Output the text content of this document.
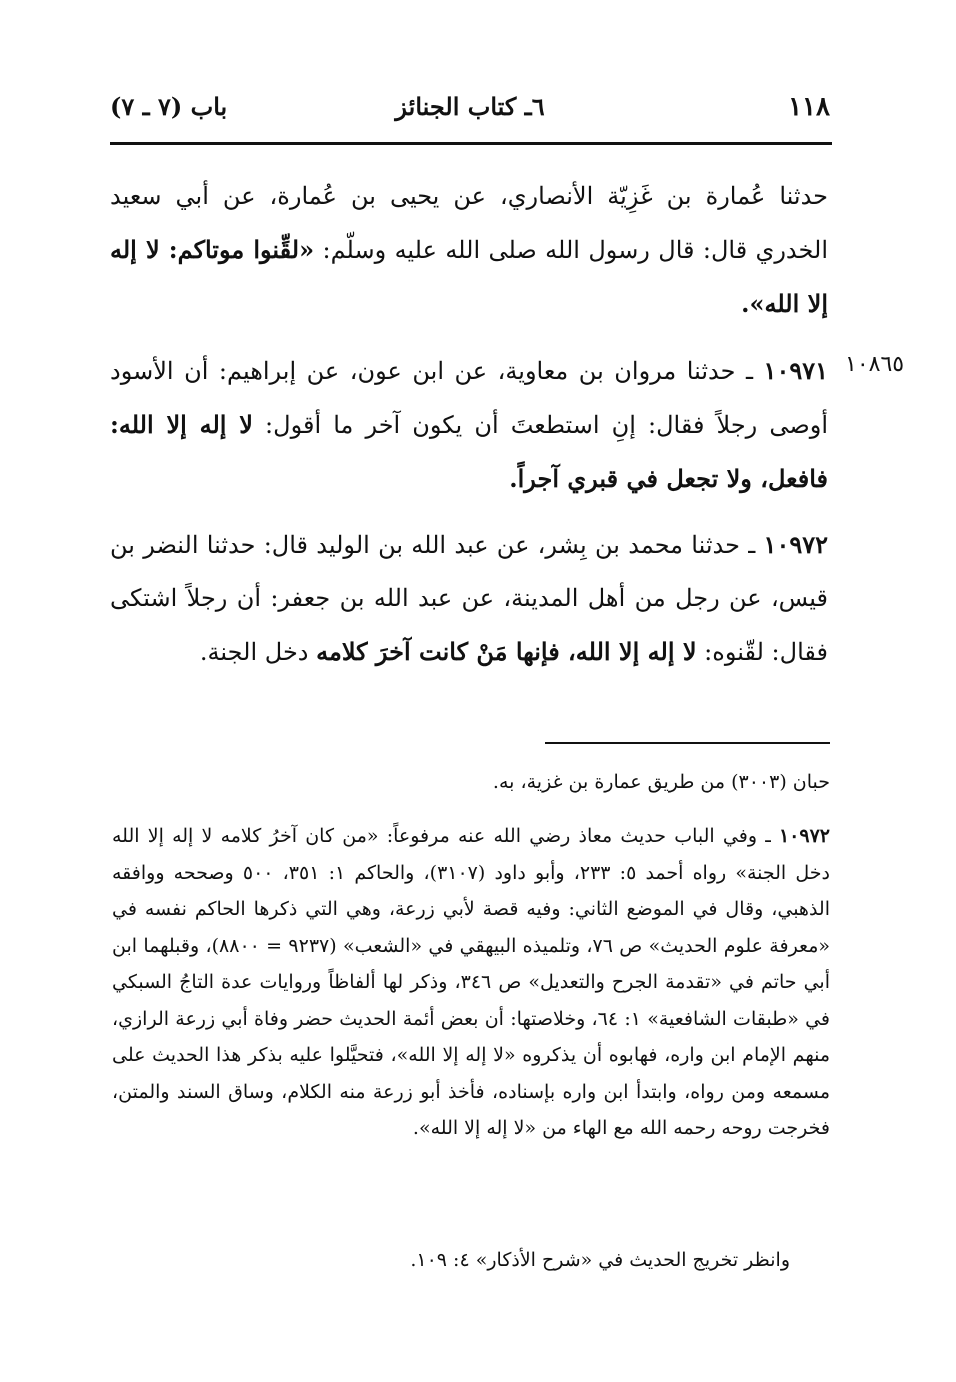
١١٨
٦ـ كتاب الجنائز
باب (٧ ـ ٧)
حدثنا عُمارة بن غَزِيّة الأنصاري، عن يحيى بن عُمارة، عن أبي سعيد الخدري قال: قال رسول الله صلى الله عليه وسلّم: «لقِّنوا موتاكم: لا إله إلا الله».
١٠٨٦٥
١٠٩٧١ ـ حدثنا مروان بن معاوية، عن ابن عون، عن إبراهيم: أن الأسود أوصى رجلاً فقال: إنِ استطعتَ أن يكون آخر ما أقول: لا إله إلا الله: فافعل، ولا تجعل في قبري آجراً.
١٠٩٧٢ ـ حدثنا محمد بن بِشر، عن عبد الله بن الوليد قال: حدثنا النضر بن قيس، عن رجل من أهل المدينة، عن عبد الله بن جعفر: أن رجلاً اشتكى فقال: لقّنوه: لا إله إلا الله، فإنها مَنْ كانت آخرَ كلامه دخل الجنة.
حبان (٣٠٠٣) من طريق عمارة بن غزية، به.
١٠٩٧٢ ـ وفي الباب حديث معاذ رضي الله عنه مرفوعاً: «من كان آخرُ كلامه لا إله إلا الله دخل الجنة» رواه أحمد ٥: ٢٣٣، وأبو داود (٣١٠٧)، والحاكم ١: ٣٥١، ٥٠٠ وصححه ووافقه الذهبي، وقال في الموضع الثاني: وفيه قصة لأبي زرعة، وهي التي ذكرها الحاكم نفسه في «معرفة علوم الحديث» ص ٧٦، وتلميذه البيهقي في «الشعب» (٩٢٣٧ = ٨٨٠٠)، وقبلهما ابن أبي حاتم في «تقدمة الجرح والتعديل» ص ٣٤٦، وذكر لها ألفاظاً وروايات عدة التاجُ السبكي في «طبقات الشافعية» ١: ٦٤، وخلاصتها: أن بعض أئمة الحديث حضر وفاة أبي زرعة الرازي، منهم الإمام ابن واره، فهابوه أن يذكروه «لا إله إلا الله»، فتحيَّلوا عليه بذكر هذا الحديث على مسمعه ومن رواه، وابتدأ ابن واره بإسناده، فأخذ أبو زرعة منه الكلام، وساق السند والمتن، فخرجت روحه رحمه الله مع الهاء من «لا إله إلا الله».
وانظر تخريج الحديث في «شرح الأذكار» ٤: ١٠٩.
